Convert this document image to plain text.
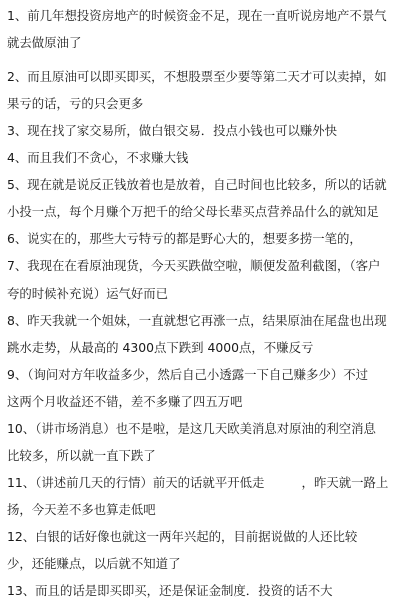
1、前几年想投资房地产的时候资金不足，现在一直听说房地产不景气
就去做原油了
2、而且原油可以即买即买，不想股票至少要等第二天才可以卖掉，如
果亏的话，亏的只会更多
3、现在找了家交易所，做白银交易．投点小钱也可以赚外快
4、而且我们不贪心，不求赚大钱
5、现在就是说反正钱放着也是放着，自己时间也比较多，所以的话就
小投一点，每个月赚个万把千的给父母长辈买点营养品什么的就知足
6、说实在的，那些大亏特亏的都是野心大的，想要多捞一笔的，
7、我现在在看原油现货，今天买跌做空啦，顺便发盈利截图，（客户
夸的时候补充说）运气好而已
8、昨天我就一个姐妹，一直就想它再涨一点，结果原油在尾盘也出现
跳水走势，从最高的 4300点下跌到 4000点，不赚反亏
9、（询问对方年收益多少，然后自己小透露一下自己赚多少）不过
这两个月收益还不错，差不多赚了四五万吧
10、（讲市场消息）也不是啦，是这几天欧美消息对原油的利空消息
比较多，所以就一直下跌了
11、（讲述前几天的行情）前天的话就平开低走　　　，昨天就一路上
扬，今天差不多也算走低吧
12、白银的话好像也就这一两年兴起的，目前据说做的人还比较
少，还能赚点，以后就不知道了
13、而且的话是即买即买，还是保证金制度．投资的话不大
